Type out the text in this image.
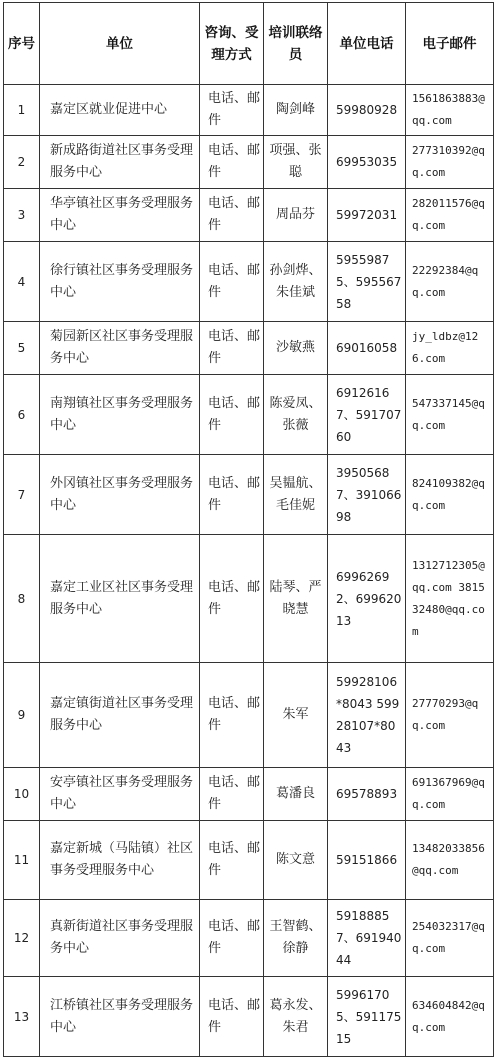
序号	单位	咨询、受理方式	培训联络员	单位电话	电子邮件
1	嘉定区就业促进中心	电话、邮件	陶剑峰	59980928	1561863883@qq.com
2	新成路街道社区事务受理服务中心	电话、邮件	项强、张聪	69953035	277310392@qq.com
3	华亭镇社区事务受理服务中心	电话、邮件	周品芬	59972031	282011576@qq.com
4	徐行镇社区事务受理服务中心	电话、邮件	孙剑烨、朱佳斌	59559875、59556758	22292384@qq.com
5	菊园新区社区事务受理服务中心	电话、邮件	沙敏燕	69016058	jy_ldbz@126.com
6	南翔镇社区事务受理服务中心	电话、邮件	陈爱凤、张薇	69126167、59170760	547337145@qq.com
7	外冈镇社区事务受理服务中心	电话、邮件	吴韫航、毛佳妮	39505687、39106698	824109382@qq.com
8	嘉定工业区社区事务受理服务中心	电话、邮件	陆琴、严晓慧	69962692、69962013	1312712305@qq.com 381532480@qq.com
9	嘉定镇街道社区事务受理服务中心	电话、邮件	朱军	59928106*8043 59928107*8043	27770293@qq.com
10	安亭镇社区事务受理服务中心	电话、邮件	葛潘良	69578893	691367969@qq.com
11	嘉定新城（马陆镇）社区事务受理服务中心	电话、邮件	陈文意	59151866	13482033856@qq.com
12	真新街道社区事务受理服务中心	电话、邮件	王智鹤、徐静	59188857、69194044	254032317@qq.com
13	江桥镇社区事务受理服务中心	电话、邮件	葛永发、朱君	59961705、59117515	634604842@qq.com
